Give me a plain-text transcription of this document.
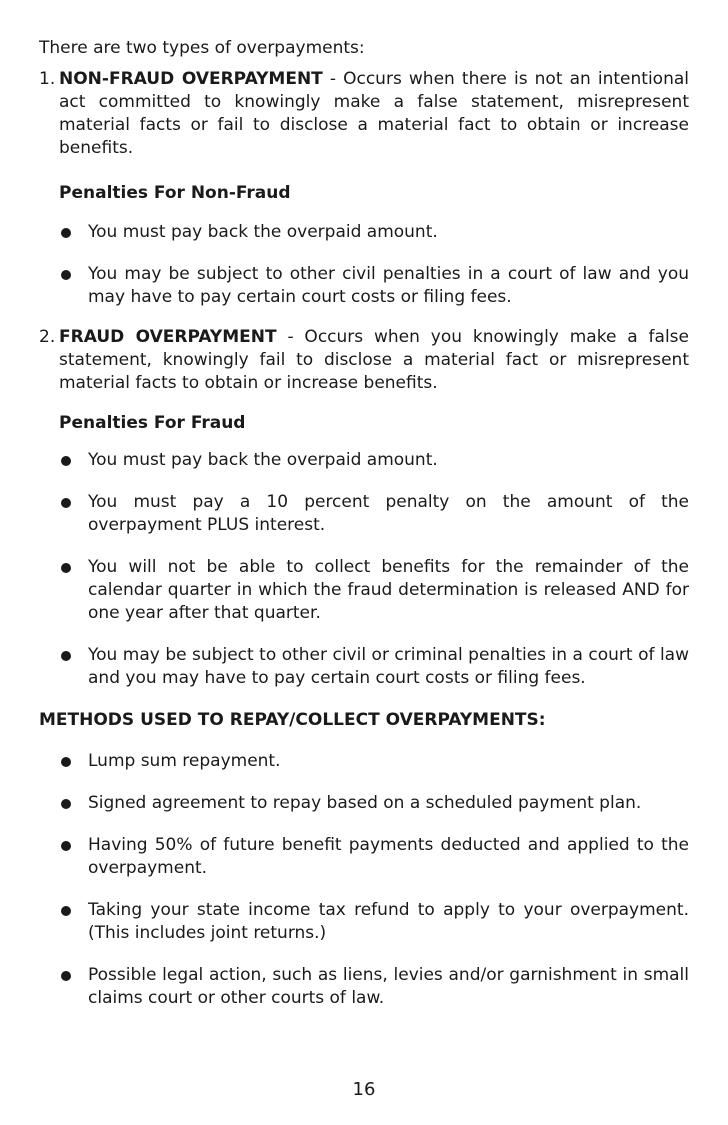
There are two types of overpayments:

1. NON-FRAUD OVERPAYMENT - Occurs when there is not an intentional act committed to knowingly make a false statement, misrepresent material facts or fail to disclose a material fact to obtain or increase benefits.

Penalties For Non-Fraud

You must pay back the overpaid amount.
You may be subject to other civil penalties in a court of law and you may have to pay certain court costs or filing fees.
2. FRAUD OVERPAYMENT - Occurs when you knowingly make a false statement, knowingly fail to disclose a material fact or misrepresent material facts to obtain or increase benefits.

Penalties For Fraud

You must pay back the overpaid amount.
You must pay a 10 percent penalty on the amount of the overpayment PLUS interest.
You will not be able to collect benefits for the remainder of the calendar quarter in which the fraud determination is released AND for one year after that quarter.
You may be subject to other civil or criminal penalties in a court of law and you may have to pay certain court costs or filing fees.

METHODS USED TO REPAY/COLLECT OVERPAYMENTS:

Lump sum repayment.
Signed agreement to repay based on a scheduled payment plan.
Having 50% of future benefit payments deducted and applied to the overpayment.
Taking your state income tax refund to apply to your overpayment. (This includes joint returns.)
Possible legal action, such as liens, levies and/or garnishment in small claims court or other courts of law.
16
